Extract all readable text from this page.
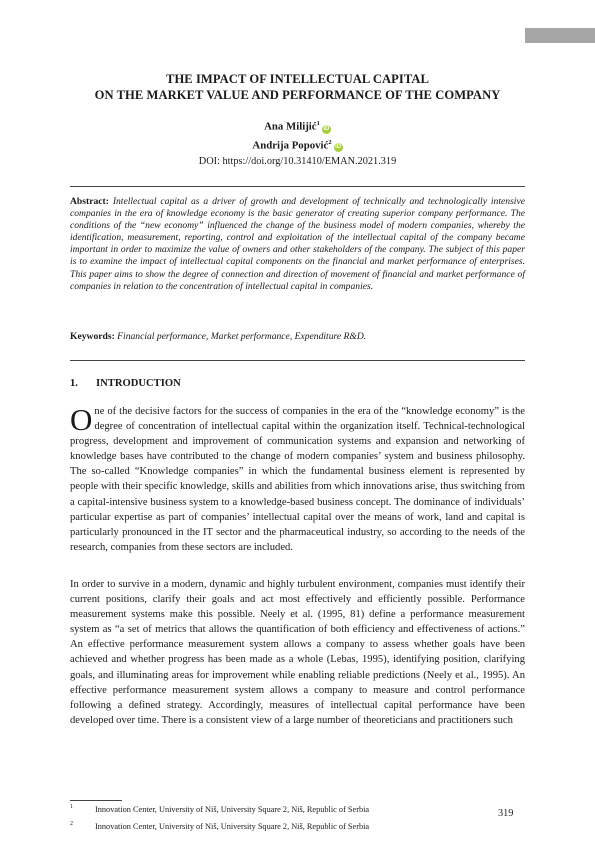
THE IMPACT OF INTELLECTUAL CAPITAL
ON THE MARKET VALUE AND PERFORMANCE OF THE COMPANY
Ana Milijić$^1$iD
Andrija Popović$^2$iD
DOI: https://doi.org/10.31410/EMAN.2021.319

Abstract: Intellectual capital as a driver of growth and development of technically and technologically intensive companies in the era of knowledge economy is the basic generator of creating superior company performance. The conditions of the “new economy” influenced the change of the business model of modern companies, whereby the identification, measurement, reporting, control and exploitation of the intellectual capital of the company became important in order to maximize the value of owners and other stakeholders of the company. The subject of this paper is to examine the impact of intellectual capital components on the financial and market performance of enterprises. This paper aims to show the degree of connection and direction of movement of financial and market performance of companies in relation to the concentration of intellectual capital in companies.

Keywords: Financial performance, Market performance, Expenditure R&D.

1. INTRODUCTION

One of the decisive factors for the success of companies in the era of the “knowledge economy” is the degree of concentration of intellectual capital within the organization itself. Technical-technological progress, development and improvement of communication systems and expansion and networking of knowledge bases have contributed to the change of modern companies’ system and business philosophy. The so-called “Knowledge companies” in which the fundamental business element is represented by people with their specific knowledge, skills and abilities from which innovations arise, thus switching from a capital-intensive business system to a knowledge-based business concept. The dominance of individuals’ particular expertise as part of companies’ intellectual capital over the means of work, land and capital is particularly pronounced in the IT sector and the pharmaceutical industry, so according to the needs of the research, companies from these sectors are included.

In order to survive in a modern, dynamic and highly turbulent environment, companies must identify their current positions, clarify their goals and act most effectively and efficiently possible. Performance measurement systems make this possible. Neely et al. (1995, 81) define a performance measurement system as “a set of metrics that allows the quantification of both efficiency and effectiveness of actions.” An effective performance measurement system allows a company to assess whether goals have been achieved and whether progress has been made as a whole (Lebas, 1995), identifying position, clarifying goals, and illuminating areas for improvement while enabling reliable predictions (Neely et al., 1995). An effective performance measurement system allows a company to measure and control performance following a defined strategy. Accordingly, measures of intellectual capital performance have been developed over time. There is a consistent view of a large number of theoreticians and practitioners such

1	Innovation Center, University of Niš, University Square 2, Niš, Republic of Serbia
2	Innovation Center, University of Niš, University Square 2, Niš, Republic of Serbia
319
